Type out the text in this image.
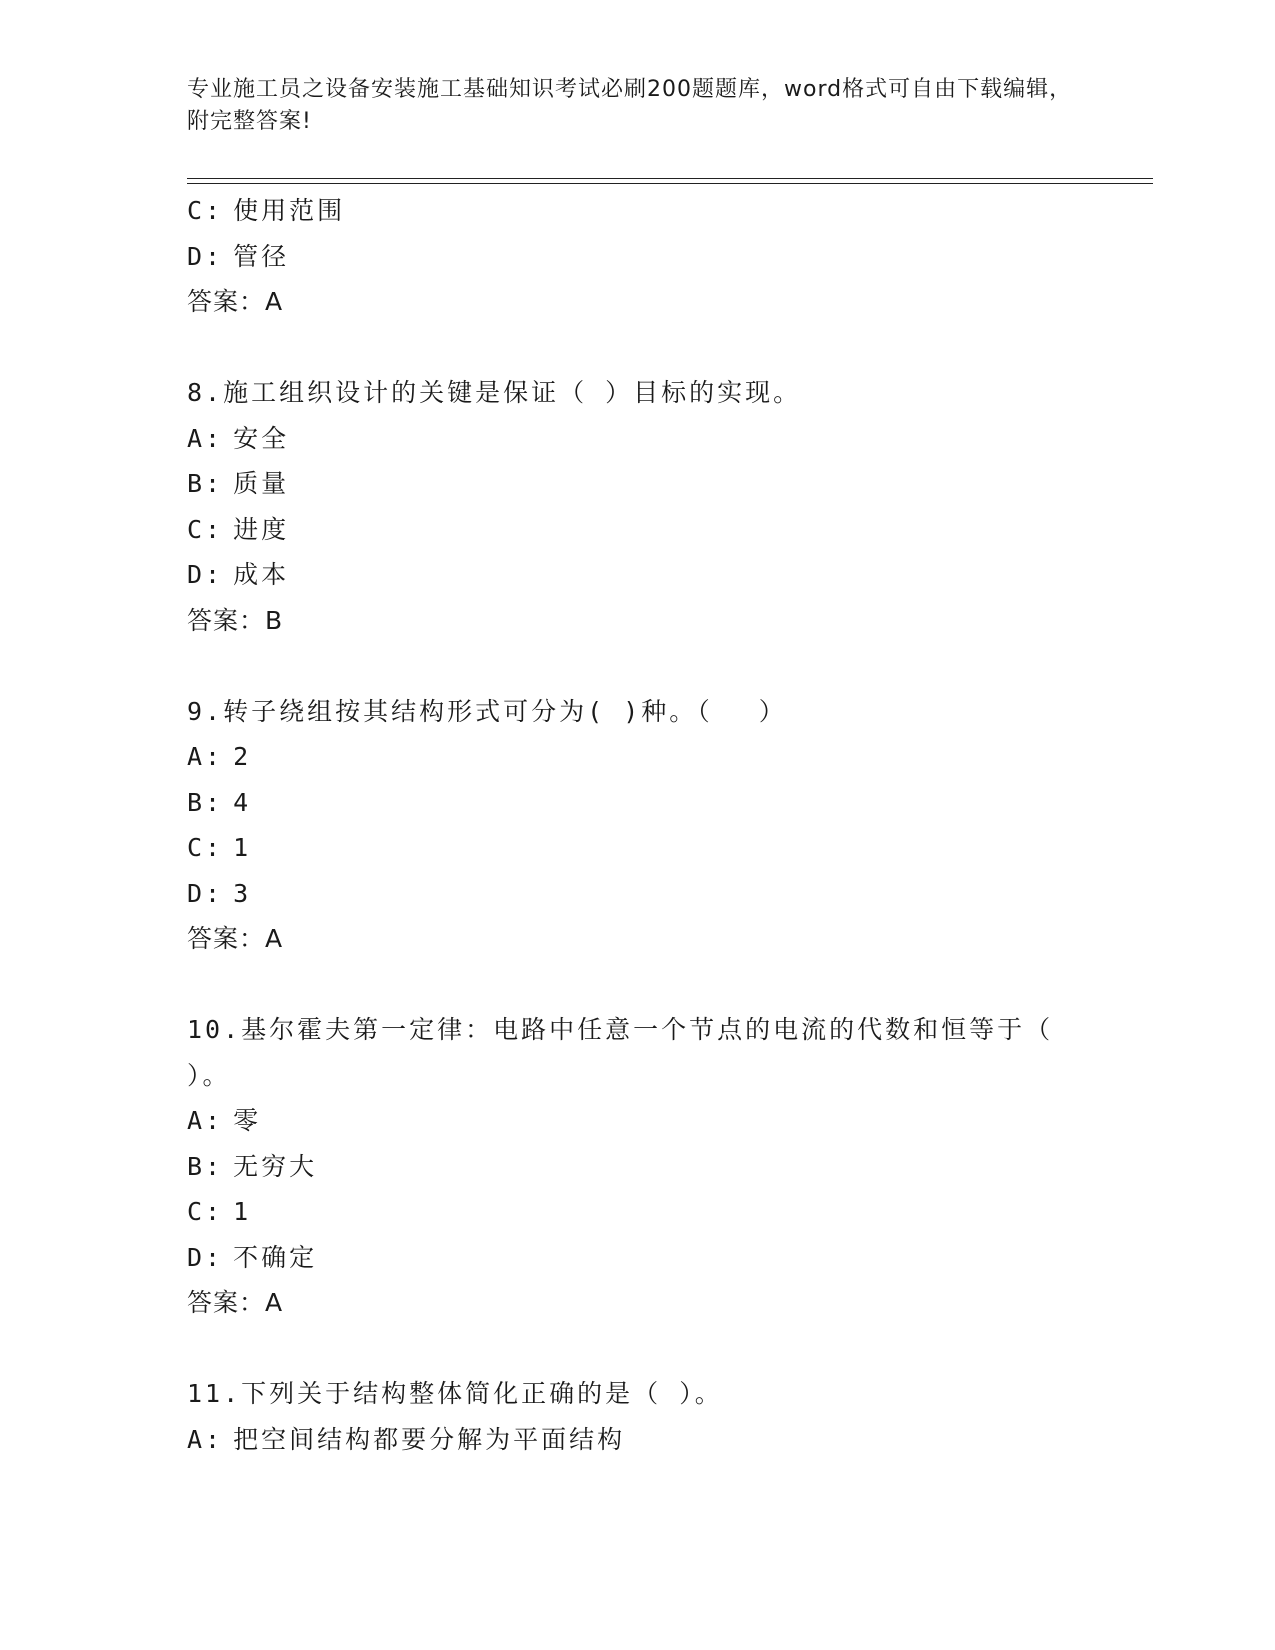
专业施工员之设备安装施工基础知识考试必刷200题题库，word格式可自由下载编辑，附完整答案!
C: 使用范围
D: 管径
答案：A
8.施工组织设计的关键是保证（ ）目标的实现。
A: 安全
B: 质量
C: 进度
D: 成本
答案：B
9.转子绕组按其结构形式可分为( )种。（　 ）
A: 2
B: 4
C: 1
D: 3
答案：A
10.基尔霍夫第一定律：电路中任意一个节点的电流的代数和恒等于（
）。
A: 零
B: 无穷大
C: 1
D: 不确定
答案：A
11.下列关于结构整体简化正确的是（ ）。
A: 把空间结构都要分解为平面结构
